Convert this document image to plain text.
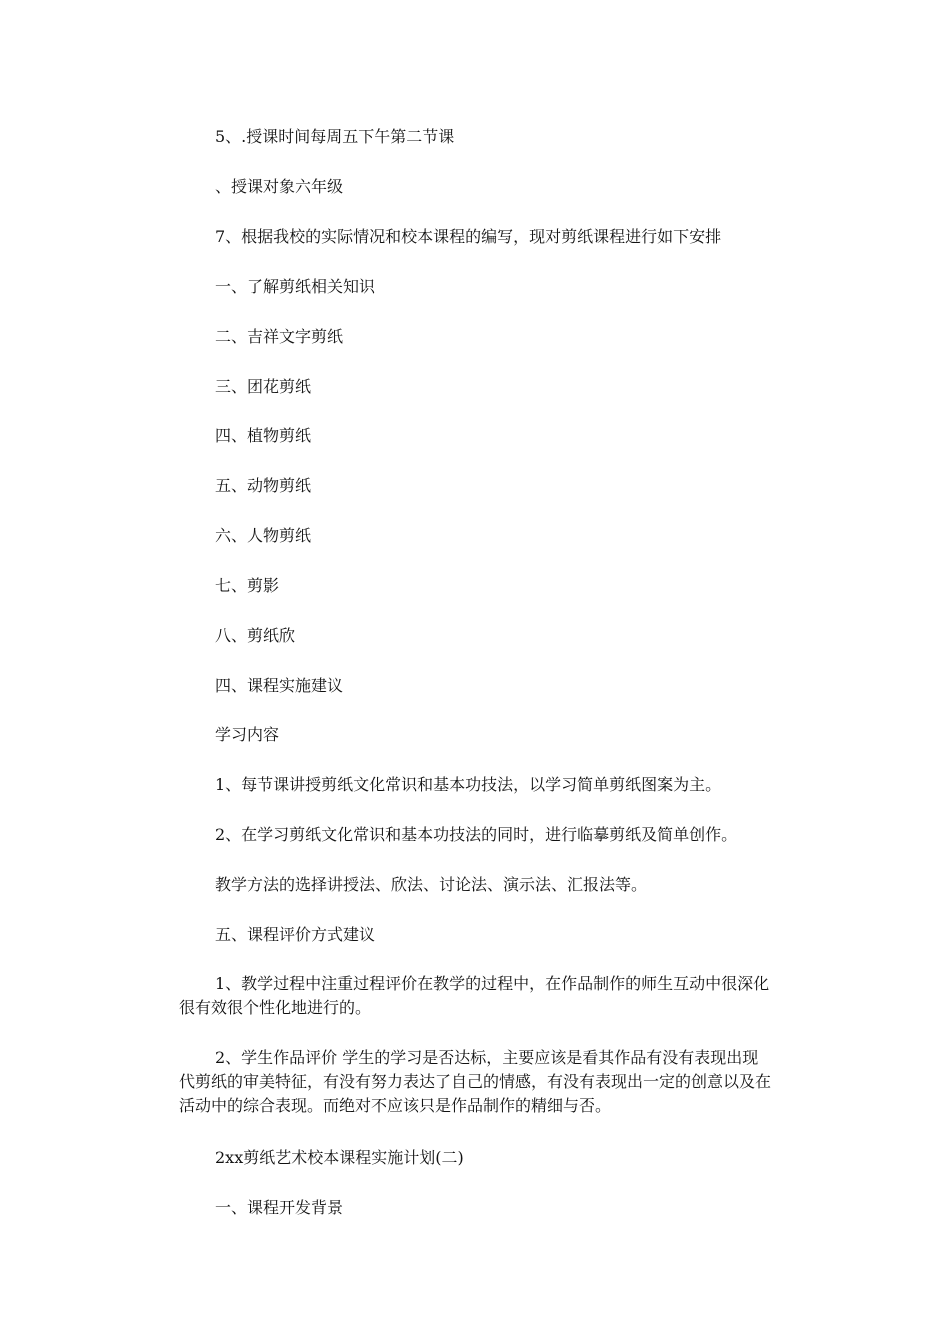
5、.授课时间每周五下午第二节课

、授课对象六年级

7、根据我校的实际情况和校本课程的编写，现对剪纸课程进行如下安排

一、了解剪纸相关知识

二、吉祥文字剪纸

三、团花剪纸

四、植物剪纸

五、动物剪纸

六、人物剪纸

七、剪影

八、剪纸欣

四、课程实施建议

学习内容

1、每节课讲授剪纸文化常识和基本功技法，以学习简单剪纸图案为主。

2、在学习剪纸文化常识和基本功技法的同时，进行临摹剪纸及简单创作。

教学方法的选择讲授法、欣法、讨论法、演示法、汇报法等。

五、课程评价方式建议

1、教学过程中注重过程评价在教学的过程中，在作品制作的师生互动中很深化很有效很个性化地进行的。

2、学生作品评价 学生的学习是否达标，主要应该是看其作品有没有表现出现代剪纸的审美特征，有没有努力表达了自己的情感，有没有表现出一定的创意以及在活动中的综合表现。而绝对不应该只是作品制作的精细与否。

2xx剪纸艺术校本课程实施计划(二)

一、课程开发背景
